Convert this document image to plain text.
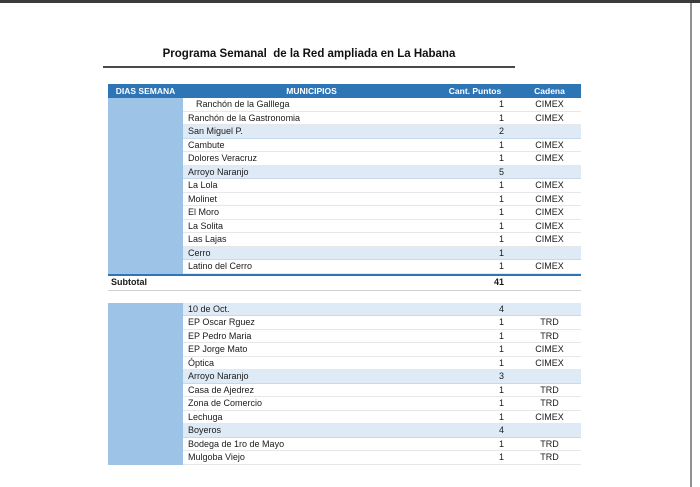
Programa Semanal  de la Red ampliada en La Habana
DIAS SEMANA	MUNICIPIOS	Cant. Puntos	Cadena
Ranchón de la Galllega	1	CIMEX
Ranchón de la Gastronomia	1	CIMEX
San Miguel P.	2
Cambute	1	CIMEX
Dolores Veracruz	1	CIMEX
Arroyo Naranjo	5
La Lola	1	CIMEX
Molinet	1	CIMEX
El Moro	1	CIMEX
La Solita	1	CIMEX
Las Lajas	1	CIMEX
Cerro	1
Latino del Cerro	1	CIMEX
Subtotal	41
10 de Oct.	4
EP Oscar Rguez	1	TRD
EP Pedro Maria	1	TRD
EP Jorge Mato	1	CIMEX
Óptica	1	CIMEX
Arroyo Naranjo	3
Casa de Ajedrez	1	TRD
Zona de Comercio	1	TRD
Lechuga	1	CIMEX
Boyeros	4
Bodega de 1ro de Mayo	1	TRD
Mulgoba Viejo	1	TRD
